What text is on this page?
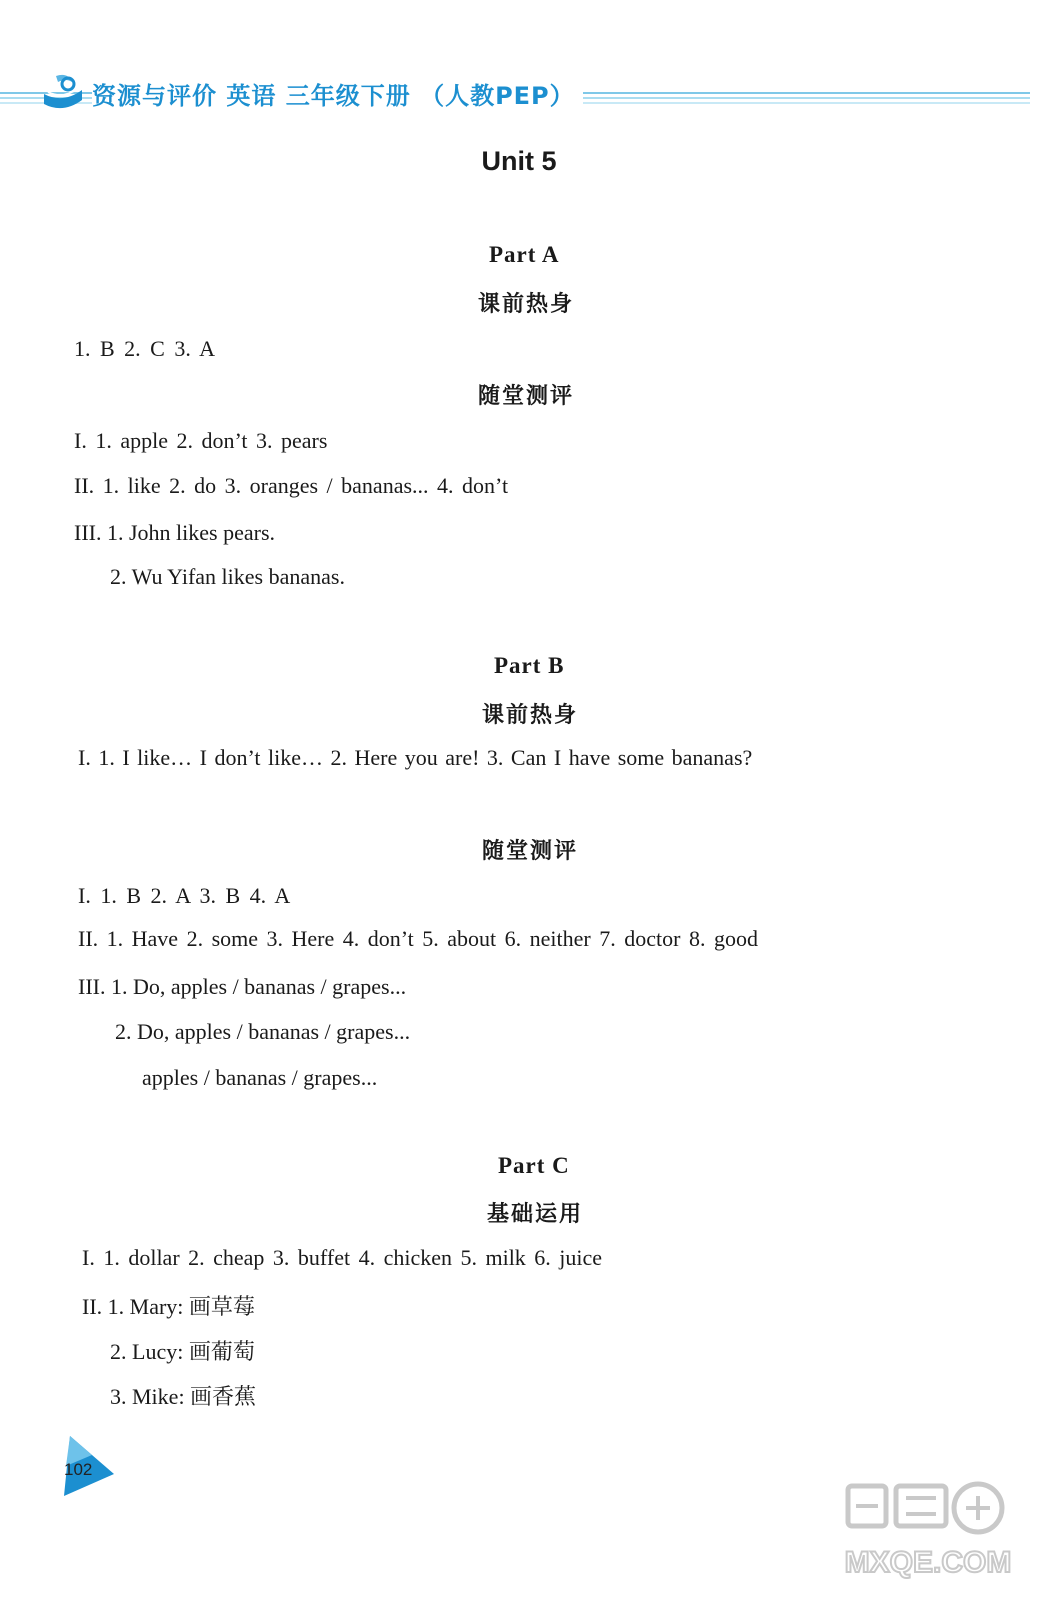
资源与评价 英语 三年级下册 （人教PEP）
Unit 5
Part A
课前热身
1. B 2. C 3. A
随堂测评
I. 1. apple 2. don’t 3. pears
II. 1. like 2. do 3. oranges / bananas... 4. don’t
III. 1. John likes pears.
2. Wu Yifan likes bananas.
Part B
课前热身
I. 1. I like… I don’t like… 2. Here you are! 3. Can I have some bananas?
随堂测评
I. 1. B 2. A 3. B 4. A
II. 1. Have 2. some 3. Here 4. don’t 5. about 6. neither 7. doctor 8. good
III. 1. Do, apples / bananas / grapes...
2. Do, apples / bananas / grapes...
apples / bananas / grapes...
Part C
基础运用
I. 1. dollar 2. cheap 3. buffet 4. chicken 5. milk 6. juice
II. 1. Mary: 画草莓
2. Lucy: 画葡萄
3. Mike: 画香蕉
102
MXQE.COM
